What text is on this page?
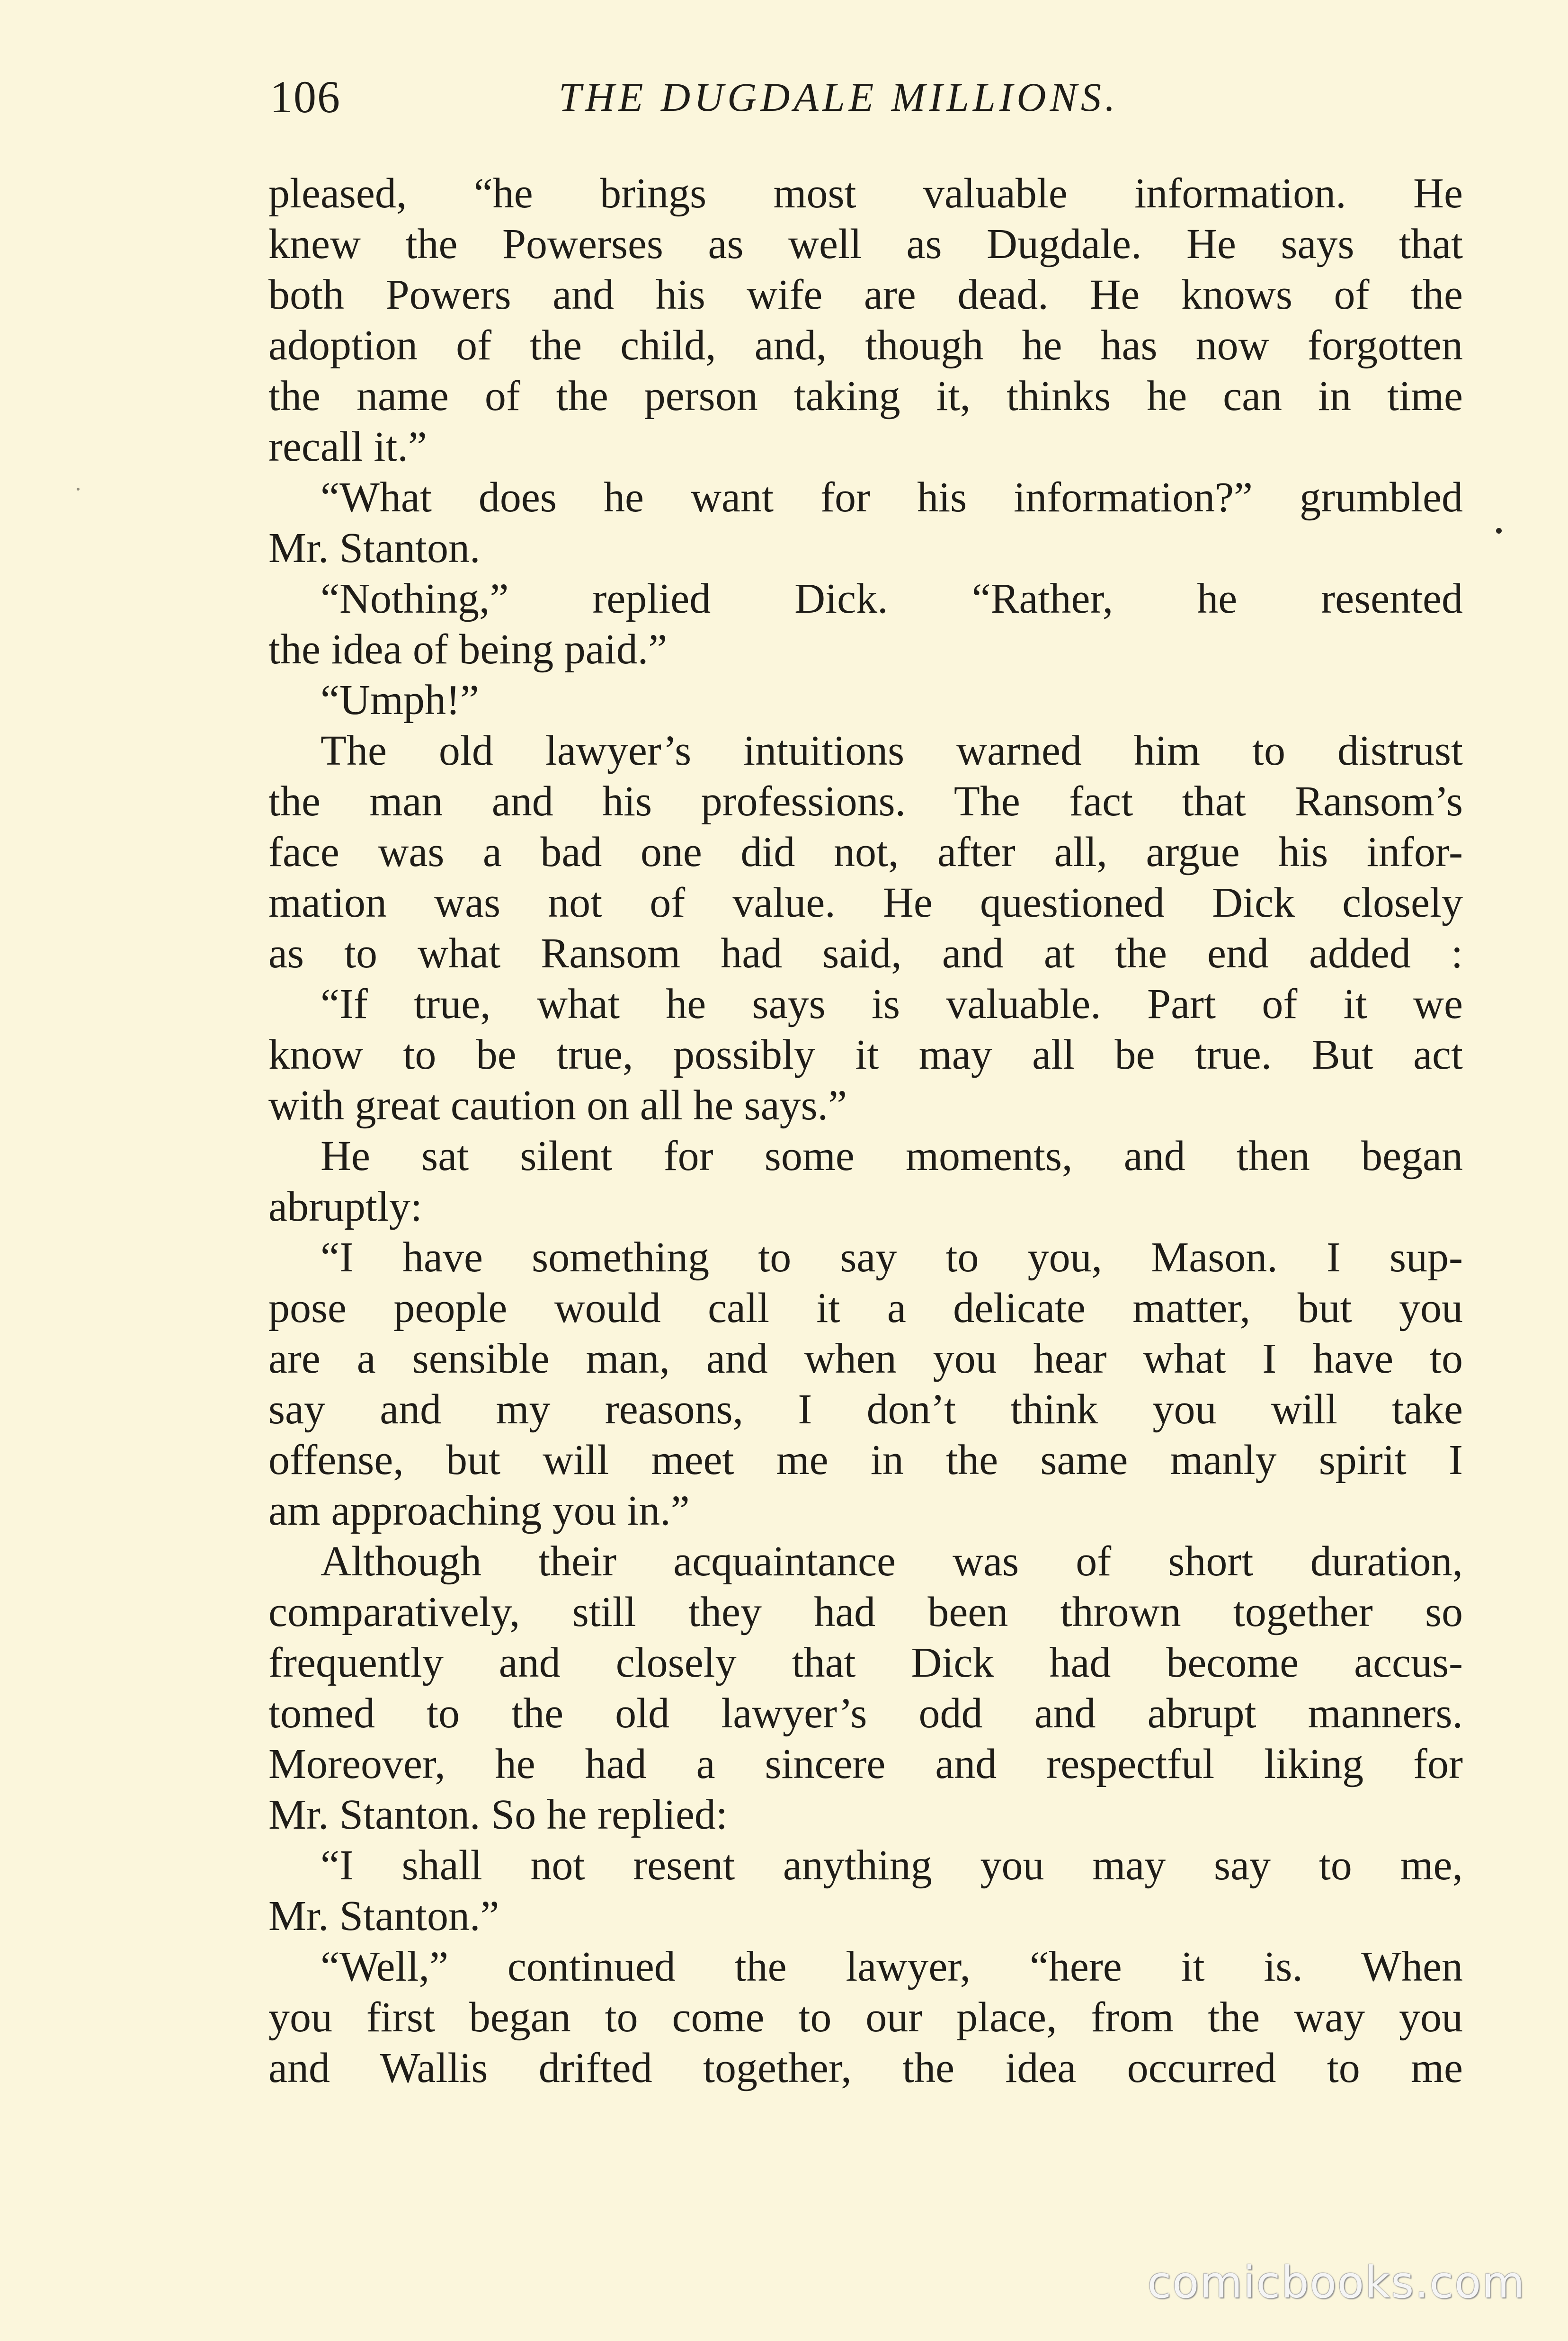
106	THE DUGDALE MILLIONS.
pleased, “he brings most valuable information. He
knew the Powerses as well as Dugdale. He says that
both Powers and his wife are dead. He knows of the
adoption of the child, and, though he has now forgotten
the name of the person taking it, thinks he can in time
recall it.”
“What does he want for his information?” grumbled
Mr. Stanton.
“Nothing,” replied Dick. “Rather, he resented
the idea of being paid.”
“Umph!”
The old lawyer’s intuitions warned him to distrust
the man and his professions. The fact that Ransom’s
face was a bad one did not, after all, argue his infor-
mation was not of value. He questioned Dick closely
as to what Ransom had said, and at the end added :
“If true, what he says is valuable. Part of it we
know to be true, possibly it may all be true. But act
with great caution on all he says.”
He sat silent for some moments, and then began
abruptly:
“I have something to say to you, Mason. I sup-
pose people would call it a delicate matter, but you
are a sensible man, and when you hear what I have to
say and my reasons, I don’t think you will take
offense, but will meet me in the same manly spirit I
am approaching you in.”
Although their acquaintance was of short duration,
comparatively, still they had been thrown together so
frequently and closely that Dick had become accus-
tomed to the old lawyer’s odd and abrupt manners.
Moreover, he had a sincere and respectful liking for
Mr. Stanton. So he replied:
“I shall not resent anything you may say to me,
Mr. Stanton.”
“Well,” continued the lawyer, “here it is. When
you first began to come to our place, from the way you
and Wallis drifted together, the idea occurred to me
comicbooks.com
